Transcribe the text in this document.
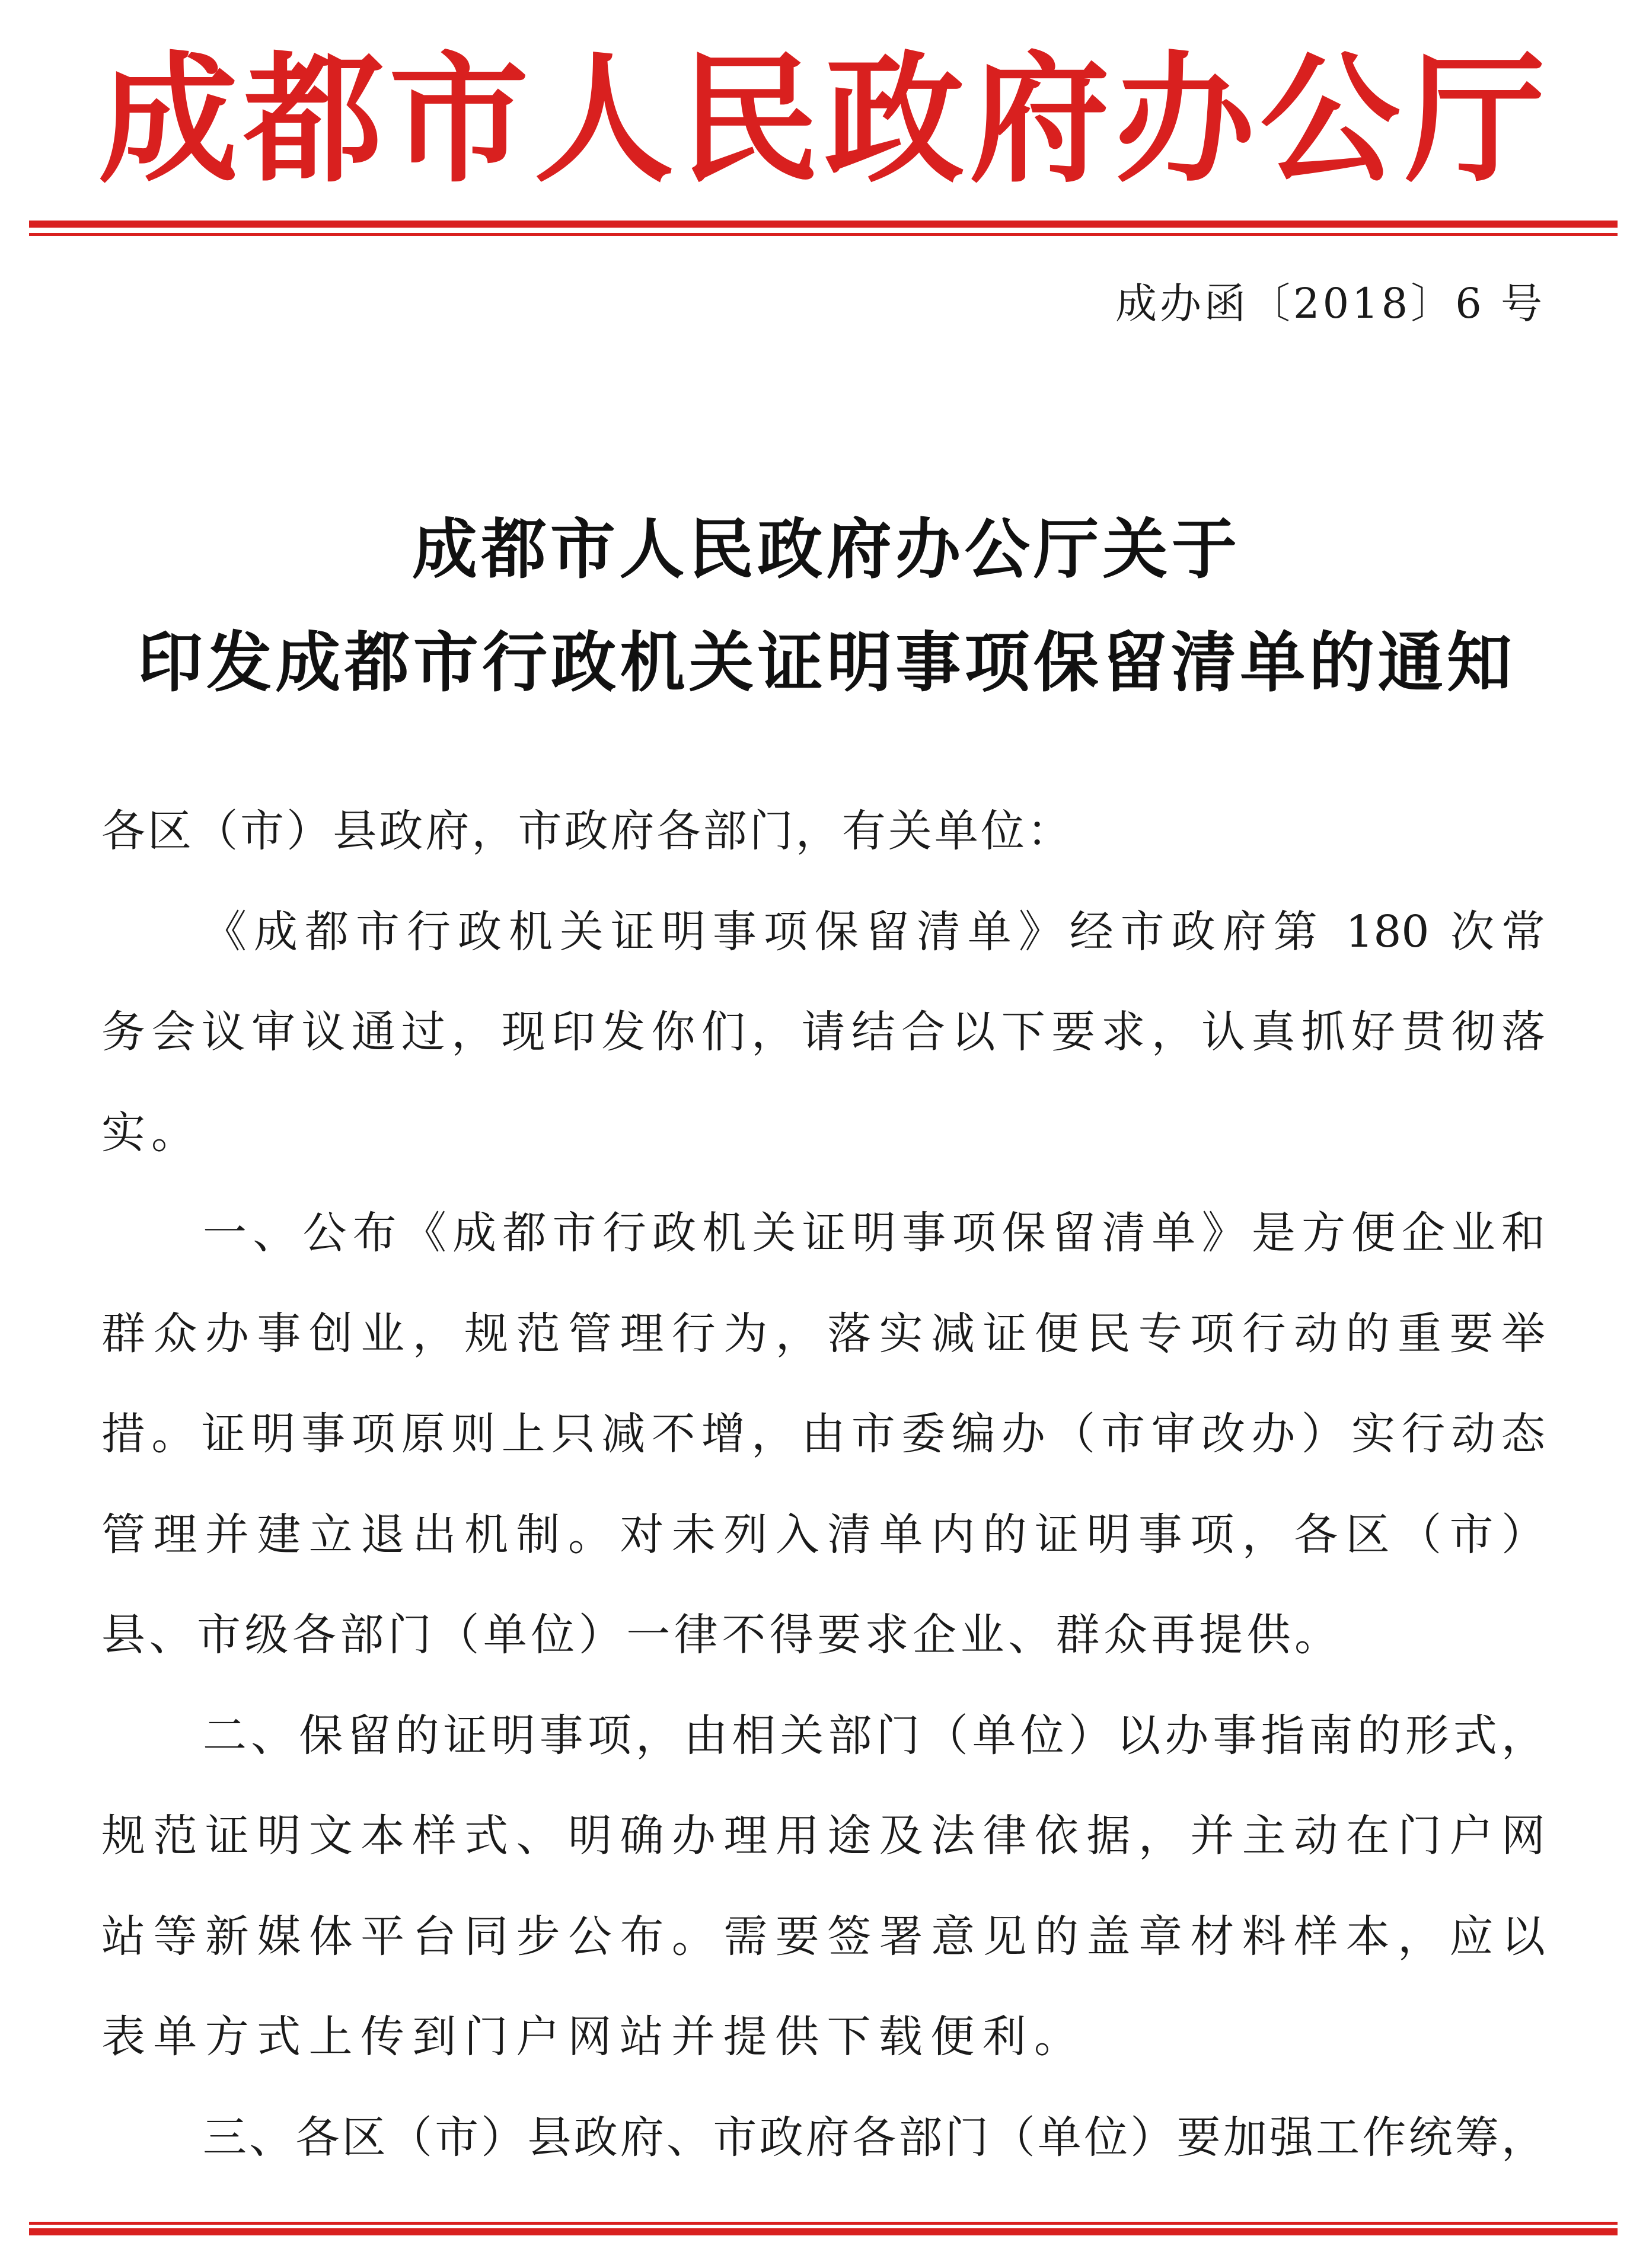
成都市人民政府办公厅
成办函〔2018〕6 号
成都市人民政府办公厅关于
印发成都市行政机关证明事项保留清单的通知
各区（市）县政府，市政府各部门，有关单位：
《成都市行政机关证明事项保留清单》经市政府第 180 次常
务会议审议通过，现印发你们，请结合以下要求，认真抓好贯彻落
实。
一、公布《成都市行政机关证明事项保留清单》是方便企业和
群众办事创业，规范管理行为，落实减证便民专项行动的重要举
措。证明事项原则上只减不增，由市委编办（市审改办）实行动态
管理并建立退出机制。对未列入清单内的证明事项，各区（市）
县、市级各部门（单位）一律不得要求企业、群众再提供。
二、保留的证明事项，由相关部门（单位）以办事指南的形式，
规范证明文本样式、明确办理用途及法律依据，并主动在门户网
站等新媒体平台同步公布。需要签署意见的盖章材料样本，应以
表单方式上传到门户网站并提供下载便利。
三、各区（市）县政府、市政府各部门（单位）要加强工作统筹，
